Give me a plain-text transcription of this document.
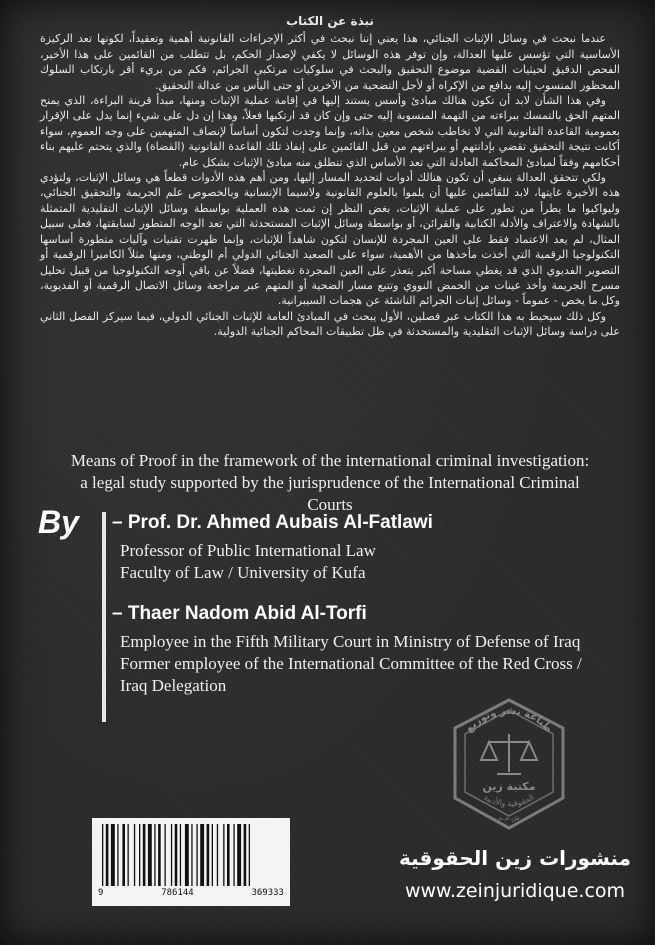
نبذة عن الكتاب

عندما نبحث في وسائل الإثبات الجنائي، هذا يعني إننا نبحث في أكثر الإجراءات القانونية أهمية وتعقيداً، لكونها تعد الركيزة الأساسية التي تؤسس عليها العدالة، وإن توفر هذه الوسائل لا يكفي لإصدار الحكم، بل تتطلب من القائمين على هذا الأخير، الفحص الدقيق لحيثيات القضية موضوع التحقيق والبحث في سلوكيات مرتكبي الجرائم، فكم من بريء أقر بارتكاب السلوك المحظور المنسوب إليه بدافع من الإكراه أو لأجل التضحية من الآخرين أو حتى اليأس من عدالة التحقيق.

وفي هذا الشأن لابد أن تكون هنالك مبادئ وأسس يستند إليها في إقامة عملية الإثبات ومنها، مبدأ قرينة البراءة، الذي يمنح المتهم الحق بالتمسك ببراءته من التهمة المنسوبة إليه حتى وإن كان قد ارتكبها فعلاً، وهذا إن دل على شيء إنما يدل على الإقرار بعمومية القاعدة القانونية التي لا تخاطب شخص معين بذاته، وإنما وجدت لتكون أساساً لإنصاف المتهمين على وجه العموم، سواء أكانت نتيجة التحقيق تقضي بإدانتهم أو ببراءتهم من قبل القائمين على إنفاذ تلك القاعدة القانونية (القضاة) والذي يتحتم عليهم بناء أحكامهم وفقاً لمبادئ المحاكمة العادلة التي تعد الأساس الذي تنطلق منه مبادئ الإثبات بشكل عام.

ولكي تتحقق العدالة ينبغي أن تكون هنالك أدوات لتحديد المسار إليها، ومن أهم هذه الأدوات قطعاً هي وسائل الإثبات، ولتؤدي هذه الأخيرة غايتها، لابد للقائمين عليها أن يلموا بالعلوم القانونية ولاسيما الإنسانية وبالخصوص علم الجريمة والتحقيق الجنائي، وليواكبوا ما يطرأ من تطور على عملية الإثبات، بغض النظر إن تمت هذه العملية بواسطة وسائل الإثبات التقليدية المتمثلة بالشهادة والاعتراف والأدلة الكتابية والقرائن، أو بواسطة وسائل الإثبات المستحدثة التي تعد الوجه المتطور لسابقتها، فعلى سبيل المثال، لم يعد الاعتماد فقط على العين المجردة للإنسان لتكون شاهداً للإثبات، وإنما ظهرت تقنيات وآليات متطورة أساسها التكنولوجيا الرقمية التي أخذت مأخذها من الأهمية، سواء على الصعيد الجنائي الدولي أم الوطني، ومنها مثلاً الكاميرا الرقمية أو التصوير الفديوي الذي قد يغطي مساحة أكبر يتعذر على العين المجردة تغطيتها، فضلاً عن باقي أوجه التكنولوجيا من قبيل تحليل مسرح الجريمة وأخذ عينات من الحمض النووي وتتبع مسار الضحية أو المتهم عبر مراجعة وسائل الاتصال الرقمية أو الفديوية، وكل ما يخص - عموماً - وسائل إثبات الجرائم الناشئة عن هجمات السيبرانية.

وكل ذلك سيحيط به هذا الكتاب عبر فصلين، الأول يبحث في المبادئ العامة للإثبات الجنائي الدولي، فيما سيركز الفصل الثاني على دراسة وسائل الإثبات التقليدية والمستحدثة في ظل تطبيقات المحاكم الجنائية الدولية.

Means of Proof in the framework of the international criminal investigation: a legal study supported by the jurisprudence of the International Criminal Courts
By – Prof. Dr. Ahmed Aubais Al-Fatlawi
Professor of Public International Law
Faculty of Law / University of Kufa
– Thaer Nadom Abid Al-Torfi
Employee in the Fifth Military Court in Ministry of Defense of Iraq
Former employee of the International Committee of the Red Cross / Iraq Delegation
طباعة نشر وتوزيع
مكتبة زين
الحقوقية والأدبية
ش.م.م
9	786144	369333
منشورات زين الحقوقية
www.zeinjuridique.com
